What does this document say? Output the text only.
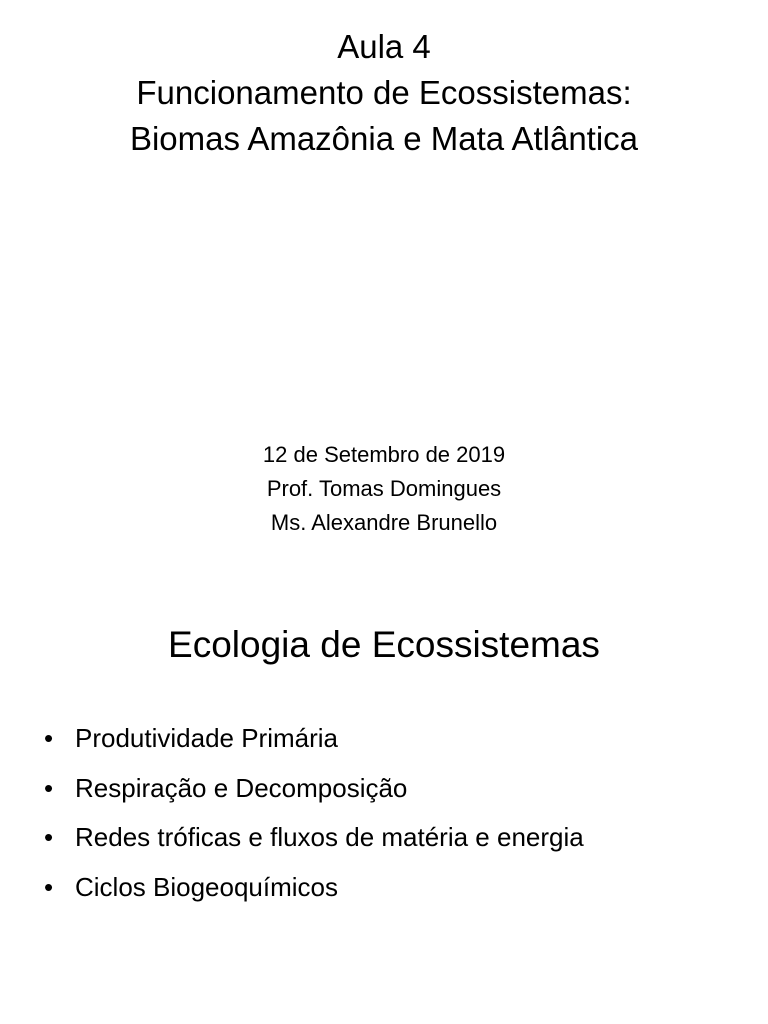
Aula 4
Funcionamento de Ecossistemas:
Biomas Amazônia e Mata Atlântica
12 de Setembro de 2019
Prof. Tomas Domingues
Ms. Alexandre Brunello
Ecologia de Ecossistemas
• Produtividade Primária
• Respiração e Decomposição
• Redes tróficas e fluxos de matéria e energia
• Ciclos Biogeoquímicos
